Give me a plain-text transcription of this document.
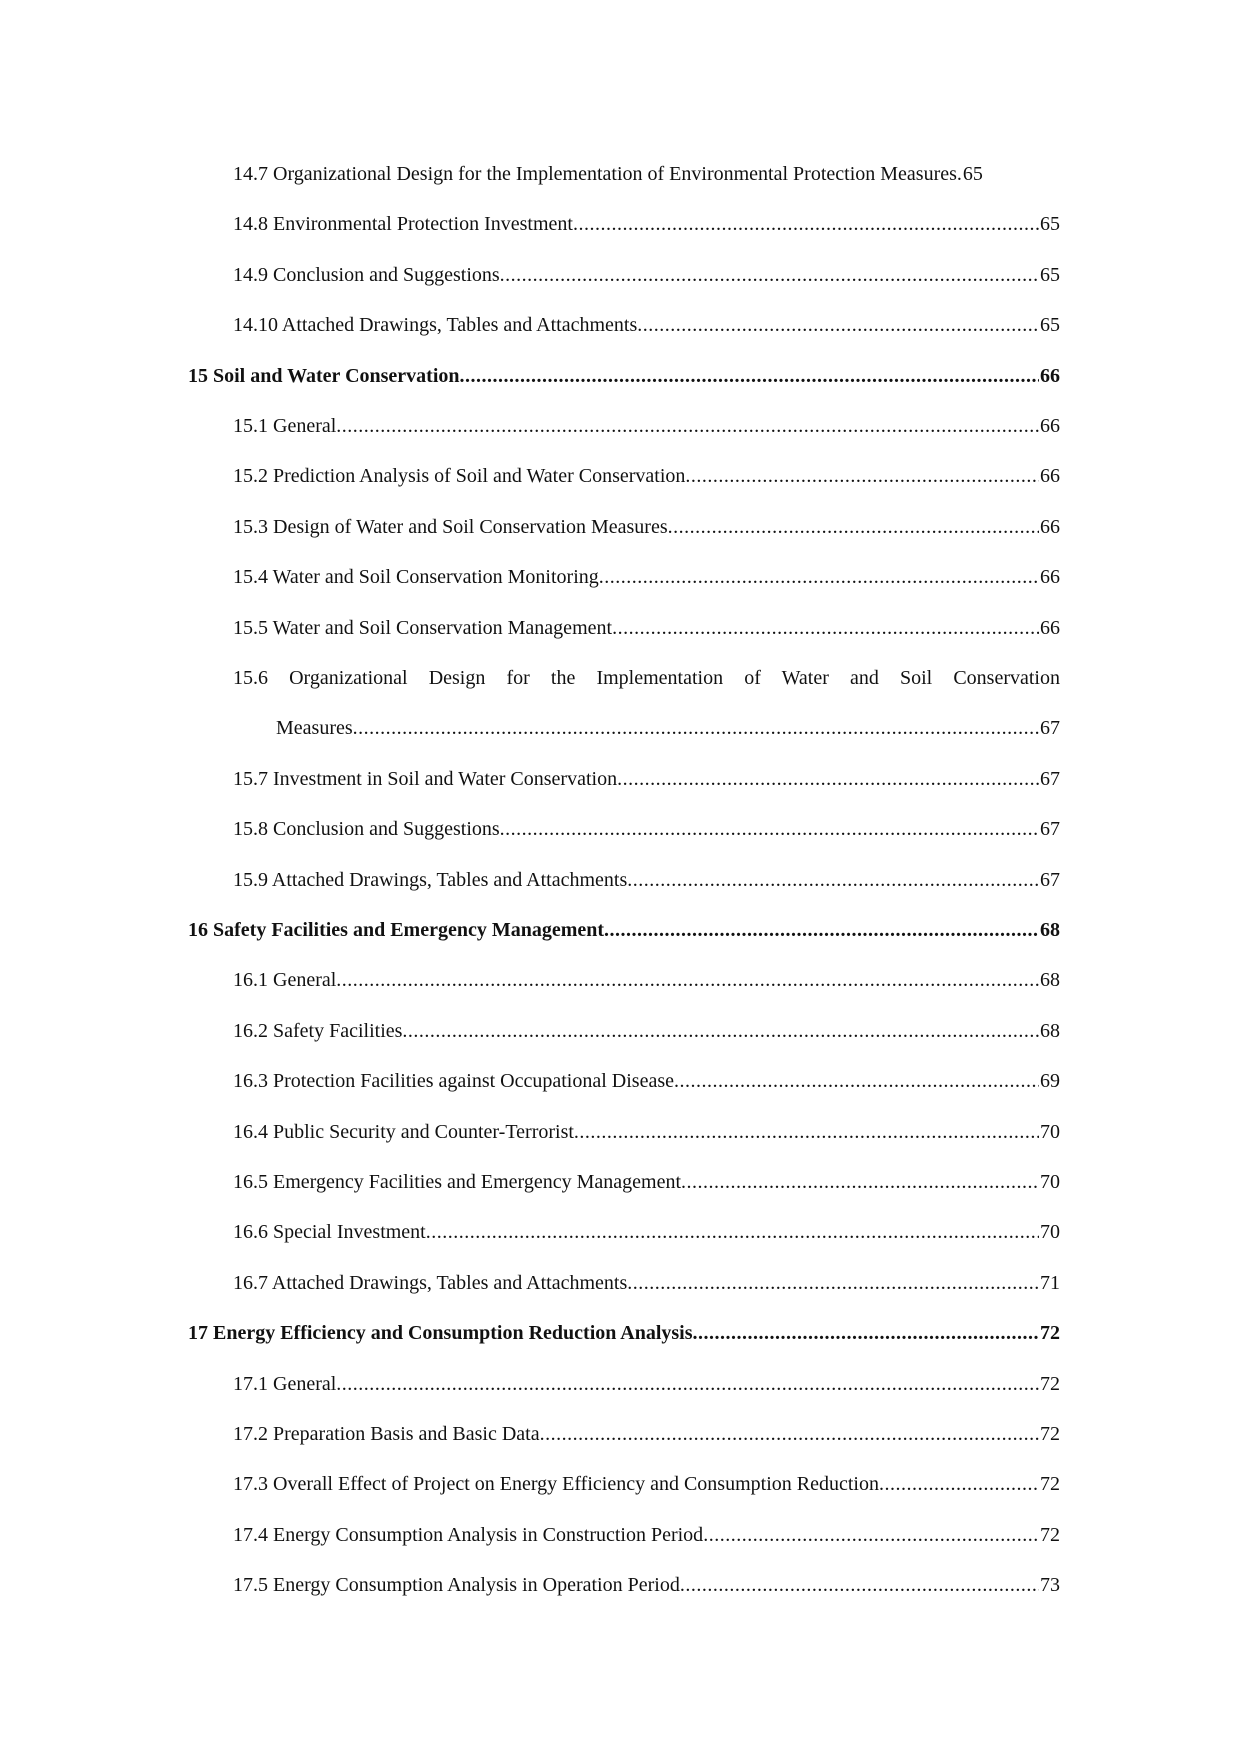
14.7 Organizational Design for the Implementation of Environmental Protection Measures. 65
14.8 Environmental Protection Investment .....	65
14.9 Conclusion and Suggestions .....	65
14.10 Attached Drawings, Tables and Attachments .....	65
15 Soil and Water Conservation .....	66
15.1 General .....	66
15.2 Prediction Analysis of Soil and Water Conservation .....	66
15.3 Design of Water and Soil Conservation Measures .....	66
15.4 Water and Soil Conservation Monitoring .....	66
15.5 Water and Soil Conservation Management .....	66
15.6 Organizational Design for the Implementation of Water and Soil Conservation
Measures .....	67
15.7 Investment in Soil and Water Conservation .....	67
15.8 Conclusion and Suggestions .....	67
15.9 Attached Drawings, Tables and Attachments .....	67
16 Safety Facilities and Emergency Management .....	68
16.1 General .....	68
16.2 Safety Facilities .....	68
16.3 Protection Facilities against Occupational Disease .....	69
16.4 Public Security and Counter-Terrorist .....	70
16.5 Emergency Facilities and Emergency Management .....	70
16.6 Special Investment .....	70
16.7 Attached Drawings, Tables and Attachments .....	71
17 Energy Efficiency and Consumption Reduction Analysis .....	72
17.1 General .....	72
17.2 Preparation Basis and Basic Data .....	72
17.3 Overall Effect of Project on Energy Efficiency and Consumption Reduction .....	72
17.4 Energy Consumption Analysis in Construction Period .....	72
17.5 Energy Consumption Analysis in Operation Period .....	73
